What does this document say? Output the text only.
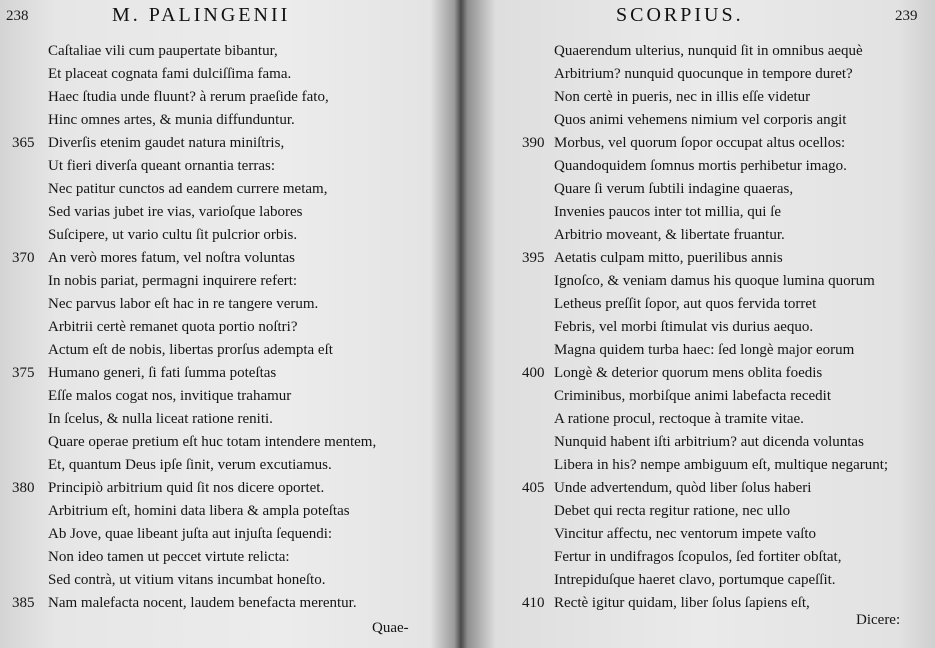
238	M. PALINGENII
Caſtaliae vili cum paupertate bibantur,
Et placeat cognata fami dulciſſima fama.
Haec ſtudia unde fluunt? à rerum praeſide fato,
Hinc omnes artes, & munia diffunduntur.
365 Diverſis etenim gaudet natura miniſtris,
Ut fieri diverſa queant ornantia terras:
Nec patitur cunctos ad eandem currere metam,
Sed varias jubet ire vias, varioſque labores
Suſcipere, ut vario cultu ſit pulcrior orbis.
370 An verò mores fatum, vel noſtra voluntas
In nobis pariat, permagni inquirere refert:
Nec parvus labor eſt hac in re tangere verum.
Arbitrii certè remanet quota portio noſtri?
Actum eſt de nobis, libertas prorſus adempta eſt
375 Humano generi, ſi fati ſumma poteſtas
Eſſe malos cogat nos, invitique trahamur
In ſcelus, & nulla liceat ratione reniti.
Quare operae pretium eſt huc totam intendere mentem,
Et, quantum Deus ipſe ſinit, verum excutiamus.
380 Principiò arbitrium quid ſit nos dicere oportet.
Arbitrium eſt, homini data libera & ampla poteſtas
Ab Jove, quae libeant juſta aut injuſta ſequendi:
Non ideo tamen ut peccet virtute relicta:
Sed contrà, ut vitium vitans incumbat honeſto.
385 Nam malefacta nocent, laudem benefacta merentur.
Quae-
SCORPIUS.	239
Quaerendum ulterius, nunquid ſit in omnibus aequè
Arbitrium? nunquid quocunque in tempore duret?
Non certè in pueris, nec in illis eſſe videtur
Quos animi vehemens nimium vel corporis angit
390 Morbus, vel quorum ſopor occupat altus ocellos:
Quandoquidem ſomnus mortis perhibetur imago.
Quare ſi verum ſubtili indagine quaeras,
Invenies paucos inter tot millia, qui ſe
Arbitrio moveant, & libertate fruantur.
395 Aetatis culpam mitto, puerilibus annis
Ignoſco, & veniam damus his quoque lumina quorum
Letheus preſſit ſopor, aut quos fervida torret
Febris, vel morbi ſtimulat vis durius aequo.
Magna quidem turba haec: ſed longè major eorum
400 Longè & deterior quorum mens oblita foedis
Criminibus, morbiſque animi labefacta recedit
A ratione procul, rectoque à tramite vitae.
Nunquid habent iſti arbitrium? aut dicenda voluntas
Libera in his? nempe ambiguum eſt, multique negarunt;
405 Unde advertendum, quòd liber ſolus haberi
Debet qui recta regitur ratione, nec ullo
Vincitur affectu, nec ventorum impete vaſto
Fertur in undifragos ſcopulos, ſed fortiter obſtat,
Intrepiduſque haeret clavo, portumque capeſſit.
410 Rectè igitur quidam, liber ſolus ſapiens eſt,
Dicere:
